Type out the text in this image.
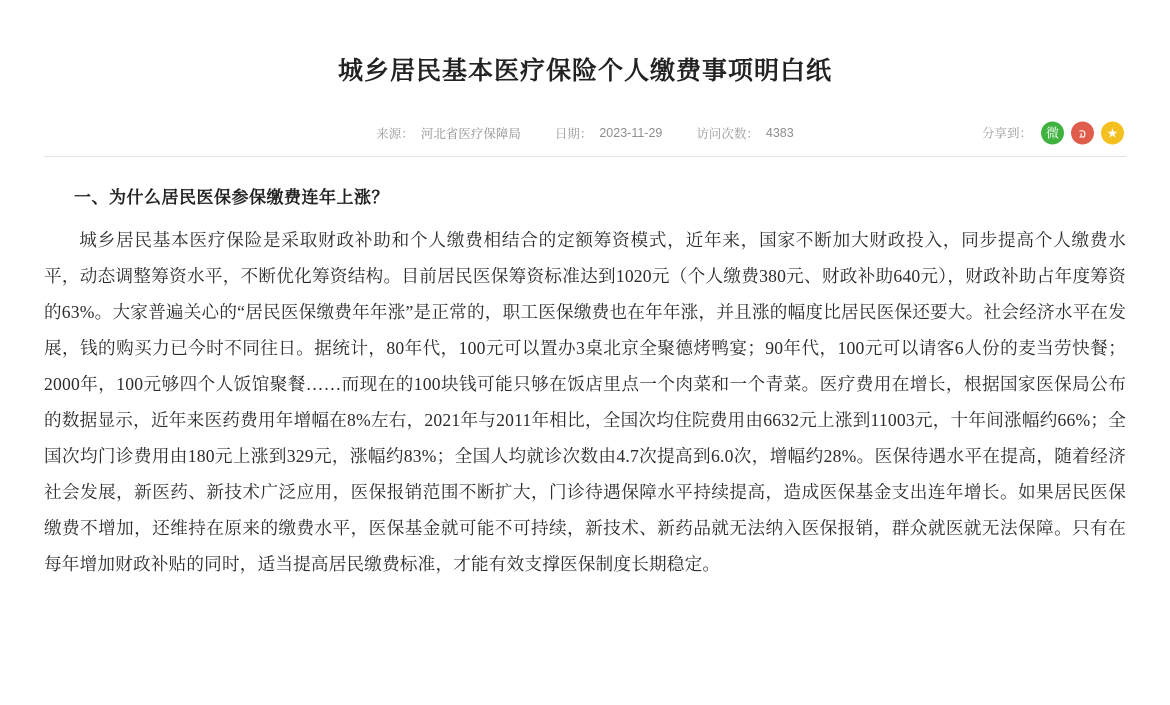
城乡居民基本医疗保险个人缴费事项明白纸
来源： 河北省医疗保障局	日期： 2023-11-29	访问次数： 4383	分享到：	微	ຉ	★
一、为什么居民医保参保缴费连年上涨？

城乡居民基本医疗保险是采取财政补助和个人缴费相结合的定额筹资模式，近年来，国家不断加大财政投入，同步提高个人缴费水平，动态调整筹资水平，不断优化筹资结构。目前居民医保筹资标准达到1020元（个人缴费380元、财政补助640元），财政补助占年度筹资的63%。大家普遍关心的“居民医保缴费年年涨”是正常的，职工医保缴费也在年年涨，并且涨的幅度比居民医保还要大。社会经济水平在发展，钱的购买力已今时不同往日。据统计，80年代，100元可以置办3桌北京全聚德烤鸭宴；90年代，100元可以请客6人份的麦当劳快餐；2000年，100元够四个人饭馆聚餐……而现在的100块钱可能只够在饭店里点一个肉菜和一个青菜。医疗费用在增长，根据国家医保局公布的数据显示，近年来医药费用年增幅在8%左右，2021年与2011年相比，全国次均住院费用由6632元上涨到11003元，十年间涨幅约66%；全国次均门诊费用由180元上涨到329元，涨幅约83%；全国人均就诊次数由4.7次提高到6.0次，增幅约28%。医保待遇水平在提高，随着经济社会发展，新医药、新技术广泛应用，医保报销范围不断扩大，门诊待遇保障水平持续提高，造成医保基金支出连年增长。如果居民医保缴费不增加，还维持在原来的缴费水平，医保基金就可能不可持续，新技术、新药品就无法纳入医保报销，群众就医就无法保障。只有在每年增加财政补贴的同时，适当提高居民缴费标准，才能有效支撑医保制度长期稳定。
